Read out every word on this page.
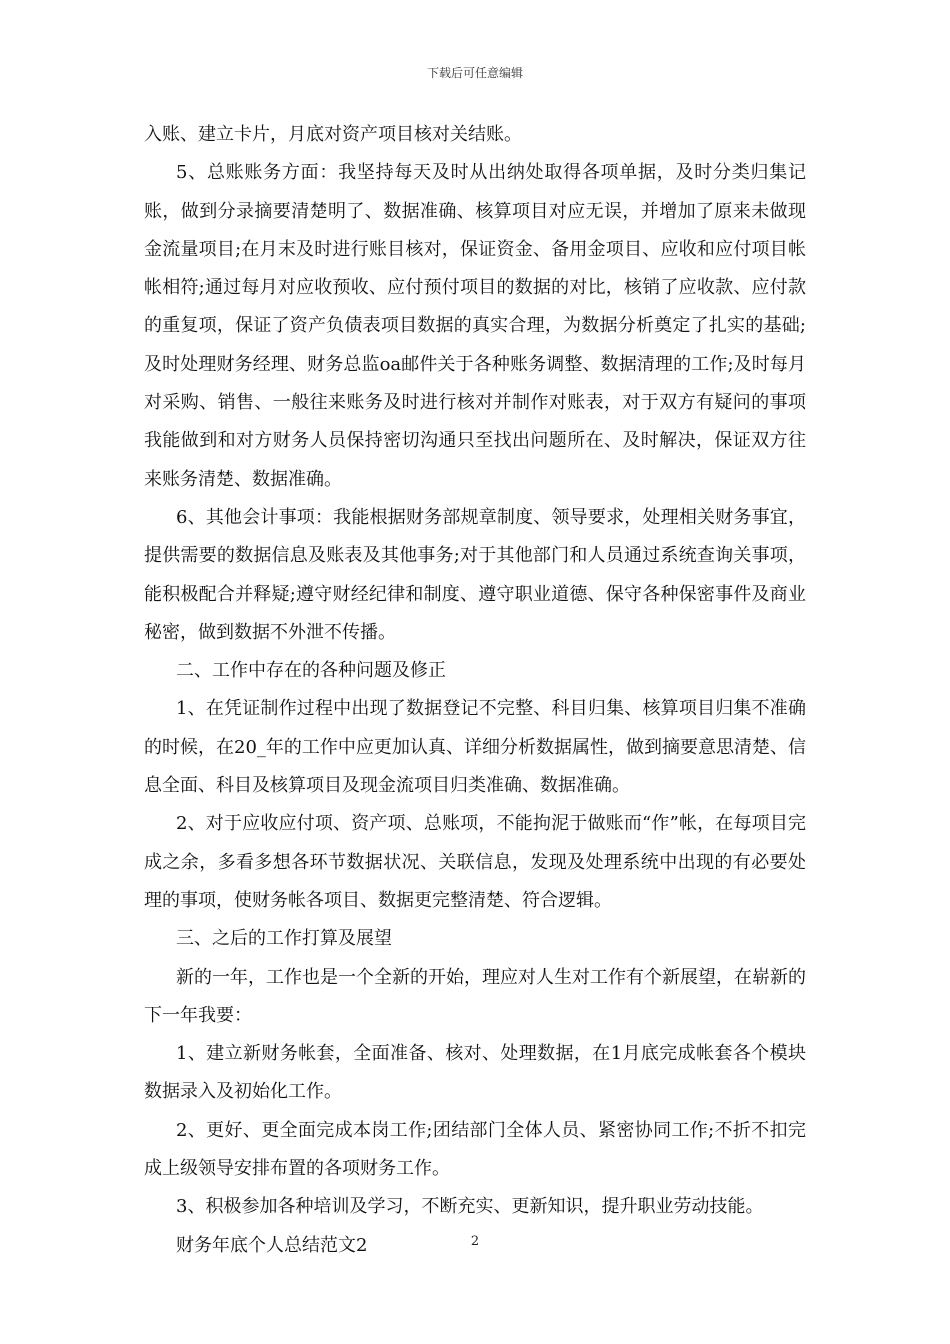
下载后可任意编辑

入账、建立卡片，月底对资产项目核对关结账。

5、总账账务方面：我坚持每天及时从出纳处取得各项单据，及时分类归集记账，做到分录摘要清楚明了、数据准确、核算项目对应无误，并增加了原来未做现金流量项目;在月末及时进行账目核对，保证资金、备用金项目、应收和应付项目帐帐相符;通过每月对应收预收、应付预付项目的数据的对比，核销了应收款、应付款的重复项，保证了资产负债表项目数据的真实合理，为数据分析奠定了扎实的基础;及时处理财务经理、财务总监oa邮件关于各种账务调整、数据清理的工作;及时每月对采购、销售、一般往来账务及时进行核对并制作对账表，对于双方有疑问的事项我能做到和对方财务人员保持密切沟通只至找出问题所在、及时解决，保证双方往来账务清楚、数据准确。

6、其他会计事项：我能根据财务部规章制度、领导要求，处理相关财务事宜，提供需要的数据信息及账表及其他事务;对于其他部门和人员通过系统查询关事项，能积极配合并释疑;遵守财经纪律和制度、遵守职业道德、保守各种保密事件及商业秘密，做到数据不外泄不传播。

二、工作中存在的各种问题及修正

1、在凭证制作过程中出现了数据登记不完整、科目归集、核算项目归集不准确的时候，在20_年的工作中应更加认真、详细分析数据属性，做到摘要意思清楚、信息全面、科目及核算项目及现金流项目归类准确、数据准确。

2、对于应收应付项、资产项、总账项，不能拘泥于做账而“作”帐，在每项目完成之余，多看多想各环节数据状况、关联信息，发现及处理系统中出现的有必要处理的事项，使财务帐各项目、数据更完整清楚、符合逻辑。

三、之后的工作打算及展望

新的一年，工作也是一个全新的开始，理应对人生对工作有个新展望，在崭新的下一年我要：

1、建立新财务帐套，全面准备、核对、处理数据，在1月底完成帐套各个模块数据录入及初始化工作。

2、更好、更全面完成本岗工作;团结部门全体人员、紧密协同工作;不折不扣完成上级领导安排布置的各项财务工作。

3、积极参加各种培训及学习，不断充实、更新知识，提升职业劳动技能。

财务年底个人总结范文2	2
